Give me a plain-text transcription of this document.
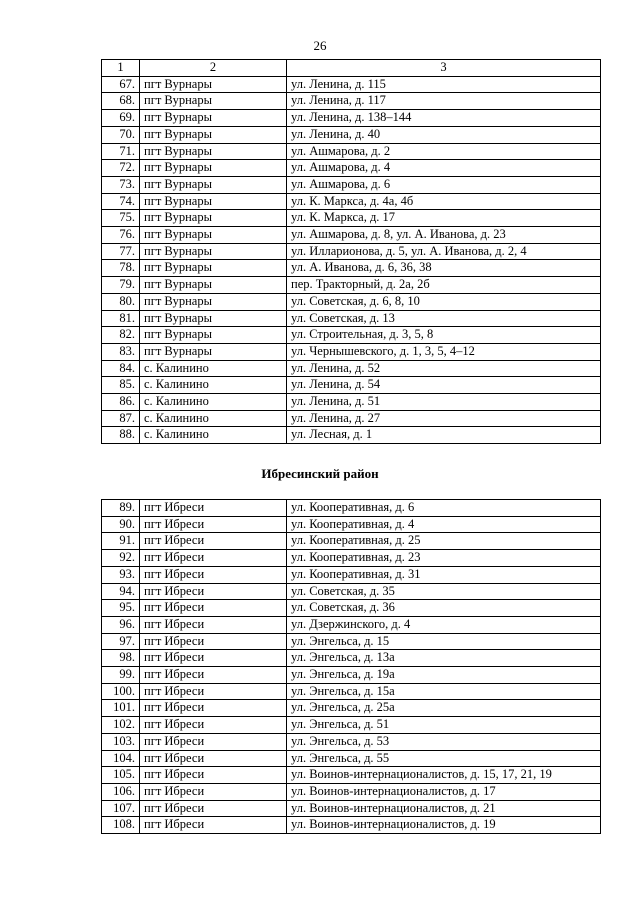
26
1	2	3
67.	пгт Вурнары	ул. Ленина, д. 115
68.	пгт Вурнары	ул. Ленина, д. 117
69.	пгт Вурнары	ул. Ленина, д. 138–144
70.	пгт Вурнары	ул. Ленина, д. 40
71.	пгт Вурнары	ул. Ашмарова, д. 2
72.	пгт Вурнары	ул. Ашмарова, д. 4
73.	пгт Вурнары	ул. Ашмарова, д. 6
74.	пгт Вурнары	ул. К. Маркса, д. 4а, 4б
75.	пгт Вурнары	ул. К. Маркса, д. 17
76.	пгт Вурнары	ул. Ашмарова, д. 8, ул. А. Иванова, д. 23
77.	пгт Вурнары	ул. Илларионова, д. 5, ул. А. Иванова, д. 2, 4
78.	пгт Вурнары	ул. А. Иванова, д. 6, 36, 38
79.	пгт Вурнары	пер. Тракторный, д. 2а, 2б
80.	пгт Вурнары	ул. Советская, д. 6, 8, 10
81.	пгт Вурнары	ул. Советская, д. 13
82.	пгт Вурнары	ул. Строительная, д. 3, 5, 8
83.	пгт Вурнары	ул. Чернышевского, д. 1, 3, 5, 4–12
84.	с. Калинино	ул. Ленина, д. 52
85.	с. Калинино	ул. Ленина, д. 54
86.	с. Калинино	ул. Ленина, д. 51
87.	с. Калинино	ул. Ленина, д. 27
88.	с. Калинино	ул. Лесная, д. 1
Ибресинский район
89.	пгт Ибреси	ул. Кооперативная, д. 6
90.	пгт Ибреси	ул. Кооперативная, д. 4
91.	пгт Ибреси	ул. Кооперативная, д. 25
92.	пгт Ибреси	ул. Кооперативная, д. 23
93.	пгт Ибреси	ул. Кооперативная, д. 31
94.	пгт Ибреси	ул. Советская, д. 35
95.	пгт Ибреси	ул. Советская, д. 36
96.	пгт Ибреси	ул. Дзержинского, д. 4
97.	пгт Ибреси	ул. Энгельса, д. 15
98.	пгт Ибреси	ул. Энгельса, д. 13а
99.	пгт Ибреси	ул. Энгельса, д. 19а
100.	пгт Ибреси	ул. Энгельса, д. 15а
101.	пгт Ибреси	ул. Энгельса, д. 25а
102.	пгт Ибреси	ул. Энгельса, д. 51
103.	пгт Ибреси	ул. Энгельса, д. 53
104.	пгт Ибреси	ул. Энгельса, д. 55
105.	пгт Ибреси	ул. Воинов-интернационалистов, д. 15, 17, 21, 19
106.	пгт Ибреси	ул. Воинов-интернационалистов, д. 17
107.	пгт Ибреси	ул. Воинов-интернационалистов, д. 21
108.	пгт Ибреси	ул. Воинов-интернационалистов, д. 19
